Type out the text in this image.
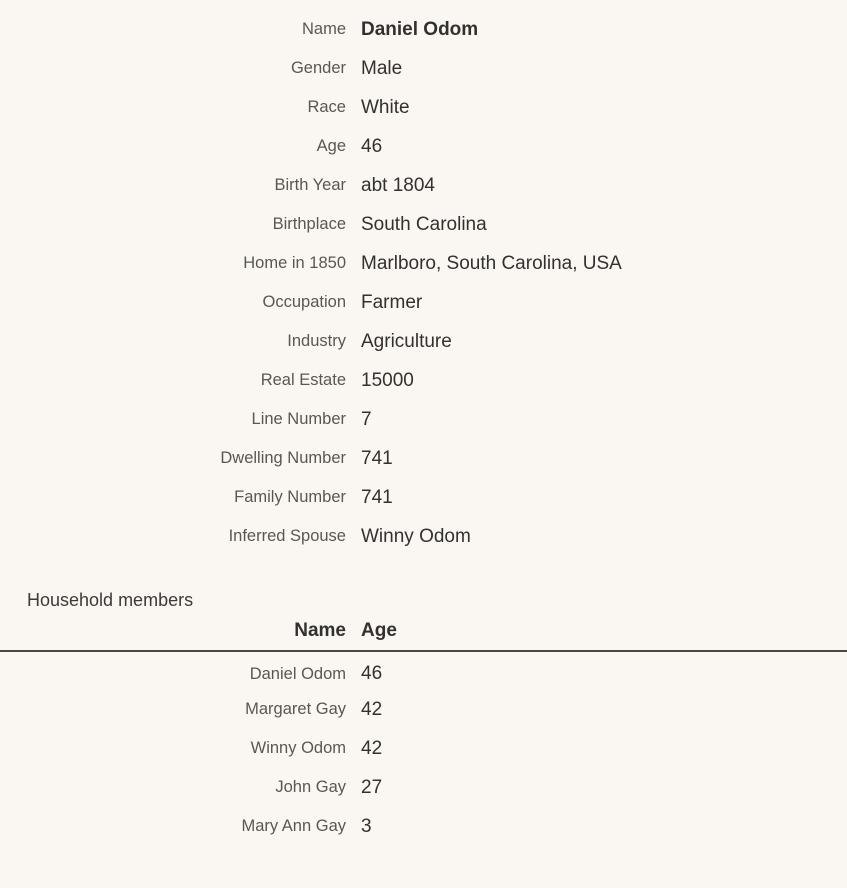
Name	Daniel Odom
Gender	Male
Race	White
Age	46
Birth Year	abt 1804
Birthplace	South Carolina
Home in 1850	Marlboro, South Carolina, USA
Occupation	Farmer
Industry	Agriculture
Real Estate	15000
Line Number	7
Dwelling Number	741
Family Number	741
Inferred Spouse	Winny Odom
Household members
Name	Age
Daniel Odom	46
Margaret Gay	42
Winny Odom	42
John Gay	27
Mary Ann Gay	3
